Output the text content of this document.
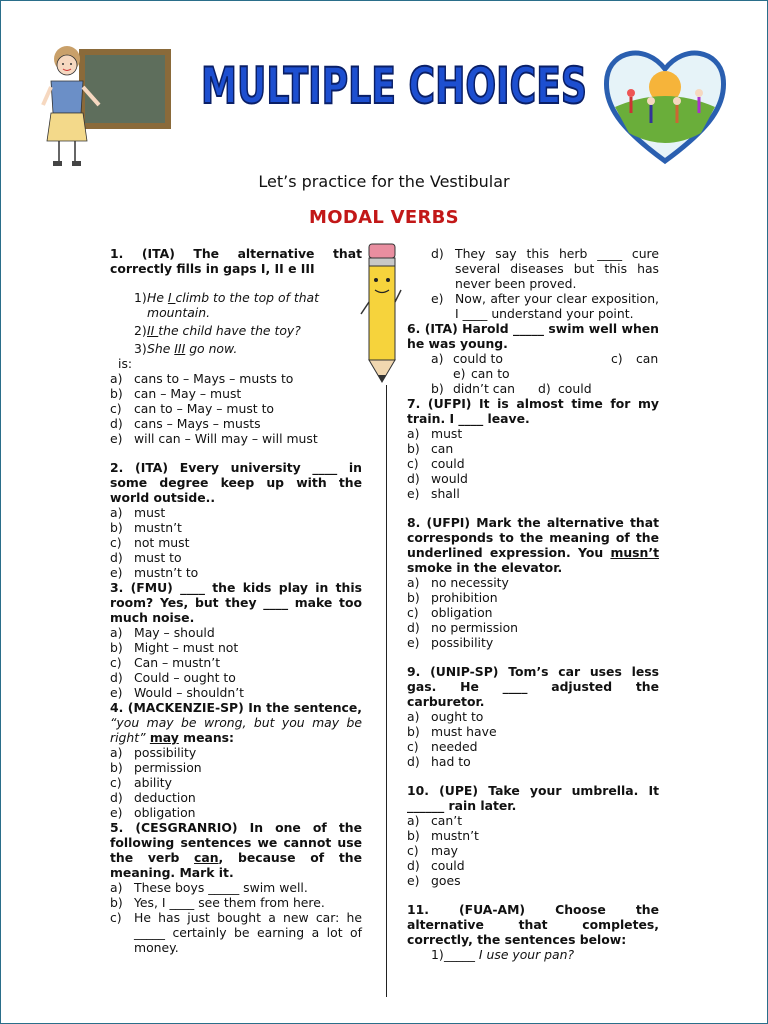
MULTIPLE CHOICES
Let’s practice for the Vestibular
MODAL VERBS
1. (ITA) The alternative that correctly fills in gaps I, II e III
1) He I climb to the top of that mountain.
2) II the child have the toy?
3) She III go now.
is:
a) cans to – Mays – musts to
b) can – May – must
c) can to – May – must to
d) cans – Mays – musts
e) will can – Will may – will must
2. (ITA) Every university ____ in some degree keep up with the world outside..
a) must
b) mustn’t
c) not must
d) must to
e) mustn’t to
3. (FMU) ____ the kids play in this room? Yes, but they ____ make too much noise.
a) May – should
b) Might – must not
c) Can – mustn’t
d) Could – ought to
e) Would – shouldn’t
4. (MACKENZIE-SP) In the sentence, “you may be wrong, but you may be right” may means:
a) possibility
b) permission
c) ability
d) deduction
e) obligation
5. (CESGRANRIO) In one of the following sentences we cannot use the verb can, because of the meaning. Mark it.
a) These boys _____ swim well.
b) Yes, I ____ see them from here.
c) He has just bought a new car: he _____ certainly be earning a lot of money.
d) They say this herb ____ cure several diseases but this has never been proved.
e) Now, after your clear exposition, I ____ understand your point.
6. (ITA) Harold _____ swim well when he was young.
a) could to	c) can
e) can to
b) didn’t can d) could
7. (UFPI) It is almost time for my train. I ____ leave.
a) must
b) can
c) could
d) would
e) shall
8. (UFPI) Mark the alternative that corresponds to the meaning of the underlined expression. You musn’t smoke in the elevator.
a) no necessity
b) prohibition
c) obligation
d) no permission
e) possibility
9. (UNIP-SP) Tom’s car uses less gas. He ____ adjusted the carburetor.
a) ought to
b) must have
c) needed
d) had to
10. (UPE) Take your umbrella. It ______ rain later.
a) can’t
b) mustn’t
c) may
d) could
e) goes
11. (FUA-AM) Choose the alternative that completes, correctly, the sentences below:
1) _____ I use your pan?
